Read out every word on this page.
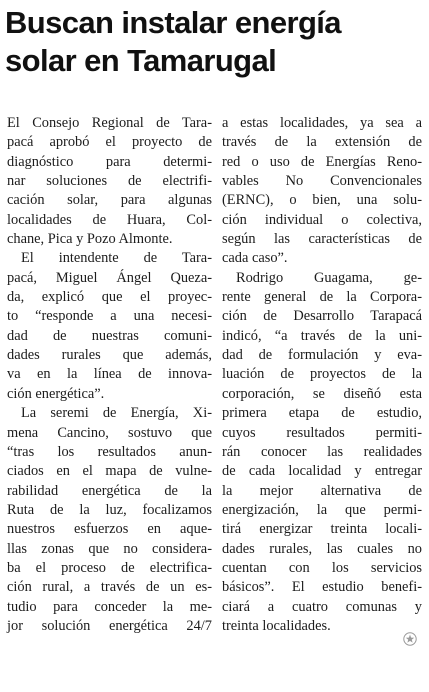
Buscan instalar energía
solar en Tamarugal
El Consejo Regional de Tara-
pacá aprobó el proyecto de
diagnóstico para determi-
nar soluciones de electrifi-
cación solar, para algunas
localidades de Huara, Col-
chane, Pica y Pozo Almonte.
El intendente de Tara-
pacá, Miguel Ángel Queza-
da, explicó que el proyec-
to “responde a una necesi-
dad de nuestras comuni-
dades rurales que además,
va en la línea de innova-
ción energética”.
La seremi de Energía, Xi-
mena Cancino, sostuvo que
“tras los resultados anun-
ciados en el mapa de vulne-
rabilidad energética de la
Ruta de la luz, focalizamos
nuestros esfuerzos en aque-
llas zonas que no considera-
ba el proceso de electrifica-
ción rural, a través de un es-
tudio para conceder la me-
jor solución energética 24/7
a estas localidades, ya sea a
través de la extensión de
red o uso de Energías Reno-
vables No Convencionales
(ERNC), o bien, una solu-
ción individual o colectiva,
según las características de
cada caso”.
Rodrigo Guagama, ge-
rente general de la Corpora-
ción de Desarrollo Tarapacá
indicó, “a través de la uni-
dad de formulación y eva-
luación de proyectos de la
corporación, se diseñó esta
primera etapa de estudio,
cuyos resultados permiti-
rán conocer las realidades
de cada localidad y entregar
la mejor alternativa de
energización, la que permi-
tirá energizar treinta locali-
dades rurales, las cuales no
cuentan con los servicios
básicos”. El estudio benefi-
ciará a cuatro comunas y
treinta localidades.
